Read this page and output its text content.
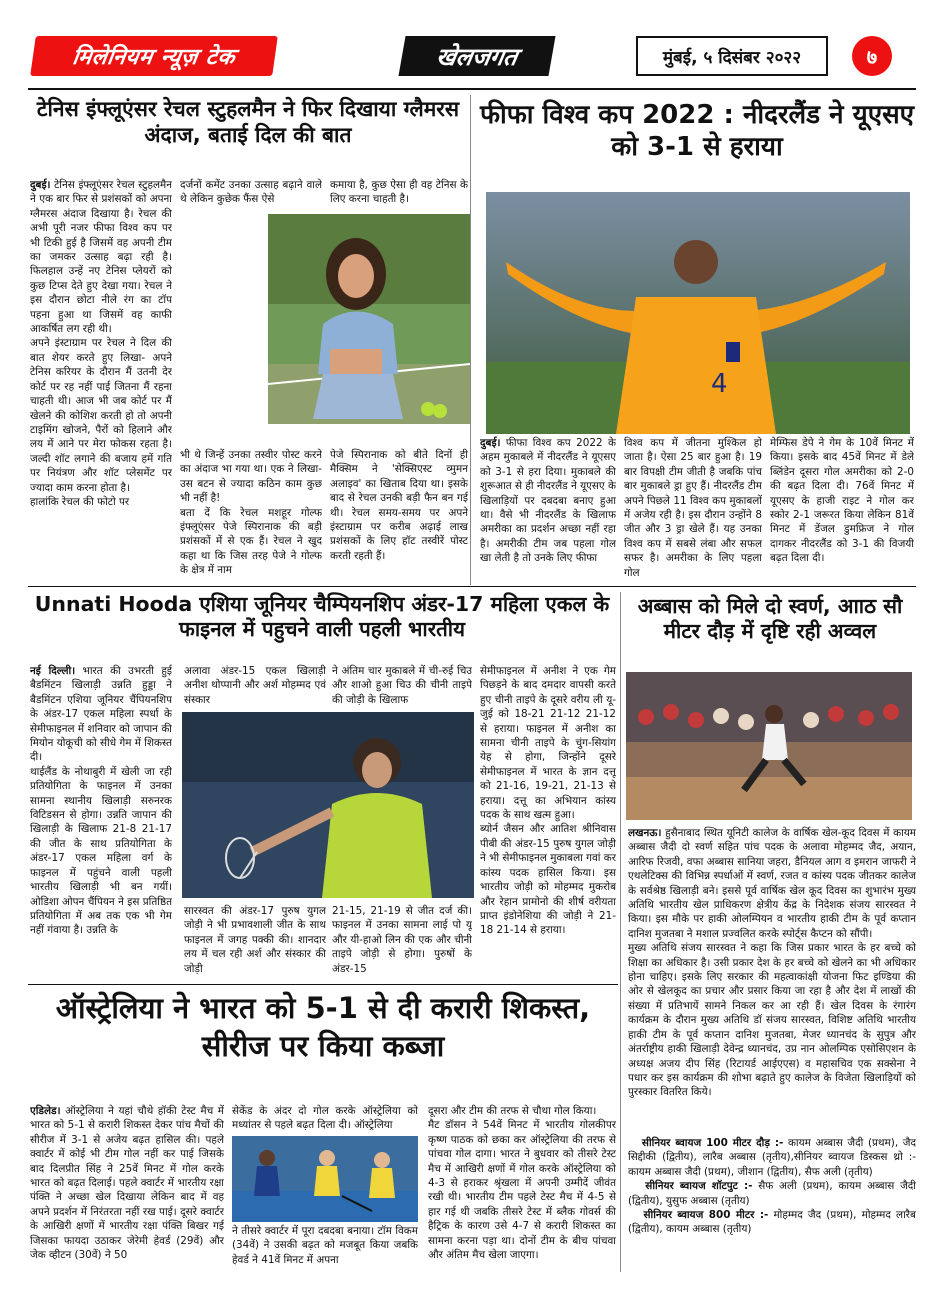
मिलेनियम न्यूज़ टेक	खेलजगत	मुंबई, ५ दिसंबर २०२२	७
टेनिस इंफ्लूएंसर रेचल स्टुहलमैन ने फिर दिखाया ग्लैमरस अंदाज, बताई दिल की बात
दुबई। टेनिस इंफ्लूएंसर रेचल स्टुहलमैन ने एक बार फिर से प्रशंसकों को अपना ग्लैमरस अंदाज दिखाया है। रेचल की अभी पूरी नजर फीफा विश्व कप पर भी टिकी हुई है जिसमें वह अपनी टीम का जमकर उत्साह बढ़ा रही है। फिलहाल उन्हें नए टेनिस प्लेयरों को कुछ टिप्स देते हुए देखा गया। रेचल ने इस दौरान छोटा नीले रंग का टॉप पहना हुआ था जिसमें वह काफी आकर्षित लग रही थी।
अपने इंस्टाग्राम पर रेचल ने दिल की बात शेयर करते हुए लिखा- अपने टेनिस करियर के दौरान मैं उतनी देर कोर्ट पर रह नहीं पाई जितना मैं रहना चाहती थी। आज भी जब कोर्ट पर मैं खेलने की कोशिश करती हो तो अपनी टाइमिंग खोजने, पैरों को हिलाने और लय में आने पर मेरा फोकस रहता है। जल्दी शॉट लगाने की बजाय हमें गति पर नियंत्रण और शॉट प्लेसमेंट पर ज्यादा काम करना होता है।
हालांकि रेचल की फोटो पर
दर्जनों कमेंट उनका उत्साह बढ़ाने वाले थे लेकिन कुछेक फैंस ऐसे
कमाया है, कुछ ऐसा ही वह टेनिस के लिए करना चाहती है।
भी थे जिन्हें उनका तस्वीर पोस्ट करने का अंदाज भा गया था। एक ने लिखा- उस बटन से ज्यादा कठिन काम कुछ भी नहीं है!
बता दें कि रेचल मशहूर गोल्फ इंफ्लूएंसर पेजे स्पिरानाक की बड़ी प्रशंसकों में से एक हैं। रेचल ने खुद कहा था कि जिस तरह पेजे ने गोल्फ के क्षेत्र में नाम
पेजे स्पिरानाक को बीते दिनों ही मैक्सिम ने 'सेक्सिएस्ट व्मुमन अलाइव' का खिताब दिया था। इसके बाद से रेचल उनकी बड़ी फैन बन गई थी। रेचल समय-समय पर अपने इंस्टाग्राम पर करीब अढ़ाई लाख प्रशंसकों के लिए हॉट तस्वीरें पोस्ट करती रहती हैं।
फीफा विश्व कप 2022 : नीदरलैंड ने यूएसए को 3-1 से हराया
4
दुबई। फीफा विश्व कप 2022 के अहम मुकाबले में नीदरलैंड ने यूएसए को 3-1 से हरा दिया। मुकाबले की शुरूआत से ही नीदरलैंड ने यूएसए के खिलाड़ियों पर दबदबा बनाए हुआ था। वैसे भी नीदरलैंड के खिलाफ अमरीका का प्रदर्शन अच्छा नहीं रहा है। अमरीकी टीम जब पहला गोल खा लेती है तो उनके लिए फीफा
विश्व कप में जीतना मुश्किल हो जाता है। ऐसा 25 बार हुआ है। 19 बार विपक्षी टीम जीती है जबकि पांच बार मुकाबले ड्रा हुए हैं। नीदरलैंड टीम अपने पिछले 11 विश्व कप मुकाबलों में अजेय रही है। इस दौरान उन्होंने 8 जीत और 3 ड्रा खेले हैं। यह उनका विश्व कप में सबसे लंबा और सफल सफर है। अमरीका के लिए पहला गोल
मेम्फिस डेपे ने गेम के 10वें मिनट में किया। इसके बाद 45वें मिनट में डेले ब्लिंडेन दूसरा गोल अमरीका को 2-0 की बढ़त दिला दी। 76वें मिनट में यूएसए के हाजी राइट ने गोल कर स्कोर 2-1 जरूरत किया लेकिन 81वें मिनट में डेंजल डुमफ्रिज ने गोल दागकर नीदरलैंड को 3-1 की विजयी बढ़त दिला दी।
Unnati Hooda एशिया जूनियर चैम्पियनशिप अंडर-17 महिला एकल के फाइनल में पहुचने वाली पहली भारतीय
नई दिल्ली। भारत की उभरती हुई बैडमिंटन खिलाड़ी उन्नति हुड्डा ने बैडमिंटन एशिया जूनियर चैंपियनशिप के अंडर-17 एकल महिला स्पर्धा के सेमीफाइनल में शनिवार को जापान की मियोन योकूची को सीधे गेम में शिकस्त दी।
थाईलैंड के नोथाबुरी में खेली जा रही प्रतियोगिता के फाइनल में उनका सामना स्थानीय खिलाड़ी सरुनरक विटिडसन से होगा। उन्नति जापान की खिलाड़ी के खिलाफ 21-8 21-17 की जीत के साथ प्रतियोगिता के अंडर-17 एकल महिला वर्ग के फाइनल में पहुंचने वाली पहली भारतीय खिलाड़ी भी बन गयीं। ओडिशा ओपन चैंपियन ने इस प्रतिष्ठित प्रतियोगिता में अब तक एक भी गेम नहीं गंवाया है। उन्नति के
अलावा अंडर-15 एकल खिलाड़ी अनीश थोप्पानी और अर्श मोहम्मद एवं संस्कार
ने अंतिम चार मुकाबले में ची-रुई चिउ और शाओ हुआ चिउ की चीनी ताइपे की जोड़ी के खिलाफ
सारस्वत की अंडर-17 पुरुष युगल जोड़ी ने भी प्रभावशाली जीत के साथ फाइनल में जगह पक्की की। शानदार लय में चल रही अर्श और संस्कार की जोड़ी
21-15, 21-19 से जीत दर्ज की। फाइनल में उनका सामना लाई पो यू और यी-हाओ लिन की एक और चीनी ताइपे जोड़ी से होगा। पुरुषों के अंडर-15
सेमीफाइनल में अनीश ने एक गेम पिछड़ने के बाद दमदार वापसी करते हुए चीनी ताइपे के दूसरे वरीय ली यू-जुई को 18-21 21-12 21-12 से हराया। फाइनल में अनीश का सामना चीनी ताइपे के चुंग-सियांग येह से होगा, जिन्होंने दूसरे सेमीफाइनल में भारत के ज्ञान दत्तू को 21-16, 19-21, 21-13 से हराया। दत्तू का अभियान कांस्य पदक के साथ खत्म हुआ।
ब्योर्न जैसन और आतिश श्रीनिवास पीबी की अंडर-15 पुरुष युगल जोड़ी ने भी सेमीफाइनल मुकाबला गवां कर कांस्य पदक हासिल किया। इस भारतीय जोड़ी को मोहम्मद मुकरोब और रेहान प्रामोनो की शीर्ष वरीयता प्राप्त इंडोनेशिया की जोड़ी ने 21-18 21-14 से हराया।
अब्बास को मिले दो स्वर्ण, आाठ सौ मीटर दौड़ में दृष्टि रही अव्वल
लखनऊ। हुसैनाबाद स्थित यूनिटी कालेज के वार्षिक खेल-कूद दिवस में कायम अब्बास जैदी दो स्वर्ण सहित पांच पदक के अलावा मोहम्मद जैद, अयान, आरिफ रिजवी, वफा अब्बास सानिया जहरा, डैनियल आग व इमरान जाफरी ने एथलेटिक्स की विभिन्न स्पर्धाओं में स्वर्ण, रजत व कांस्य पदक जीतकर कालेज के सर्वश्रेष्ठ खिलाड़ी बने। इससे पूर्व वार्षिक खेल कूद दिवस का शुभारंभ मुख्य अतिथि भारतीय खेल प्राधिकरण क्षेत्रीय केंद्र के निदेशक संजय सारस्वत ने किया। इस मौके पर हाकी ओलम्पियन व भारतीय हाकी टीम के पूर्व कप्तान दानिश मुजतबा ने मशाल प्रज्वलित करके स्पोर्ट्स कैप्टन को सौंपी।
मुख्य अतिथि संजय सारस्वत ने कहा कि जिस प्रकार भारत के हर बच्चे को शिक्षा का अधिकार है। उसी प्रकार देश के हर बच्चे को खेलने का भी अधिकार होना चाहिए। इसके लिए सरकार की महत्वाकांक्षी योजना फिट इण्डिया की ओर से खेलकूद का प्रचार और प्रसार किया जा रहा है और देश में लाखों की संख्या में प्रतिभायें सामने निकल कर आ रही हैं। खेल दिवस के रंगारंग कार्यक्रम के दौरान मुख्य अतिथि डॉ संजय सारस्वत, विशिष्ट अतिथि भारतीय हाकी टीम के पूर्व कप्तान दानिश मुजतबा, मेजर ध्यानचंद के सुपुत्र और अंतर्राष्ट्रीय हाकी खिलाड़ी देवेन्द्र ध्यानचंद, उप्र नान ओलम्पिक एसोसिएशन के अध्यक्ष अजय दीप सिंह (रिटायर्ड आईएएस) व महासचिव एक सक्सेना ने पधार कर इस कार्यक्रम की शोभा बढ़ाते हुए कालेज के विजेता खिलाड़ियों को पुरस्कार वितरित किये।
सीनियर ब्वायज 100 मीटर दौड़ :- कायम अब्बास जैदी (प्रथम), जैद सिद्दीकी (द्वितीय), लारैब अब्बास (तृतीय),सीनियर ब्वायज डिस्कस थ्रो :- कायम अब्बास जैदी (प्रथम), जीशान (द्वितीय), सैफ अली (तृतीय)
सीनियर ब्वायज शॉटपुट :- सैफ अली (प्रथम), कायम अब्बास जैदी (द्वितीय), युसुफ अब्बास (तृतीय)
सीनियर ब्वायज 800 मीटर :- मोहम्मद जैद (प्रथम), मोहम्मद लारैब (द्वितीय), कायम अब्बास (तृतीय)
ऑस्ट्रेलिया ने भारत को 5-1 से दी करारी शिकस्त, सीरीज पर किया कब्जा
एडिलेड। ऑस्ट्रेलिया ने यहां चौथे हॉकी टेस्ट मैच में भारत को 5-1 से करारी शिकस्त देकर पांच मैचों की सीरीज में 3-1 से अजेय बढ़त हासिल की। पहले क्वार्टर में कोई भी टीम गोल नहीं कर पाई जिसके बाद दिलप्रीत सिंह ने 25वें मिनट में गोल करके भारत को बढ़त दिलाई। पहले क्वार्टर में भारतीय रक्षा पंक्ति ने अच्छा खेल दिखाया लेकिन बाद में वह अपने प्रदर्शन में निरंतरता नहीं रख पाई। दूसरे क्वार्टर के आखिरी क्षणों में भारतीय रक्षा पंक्ति बिखर गई जिसका फायदा उठाकर जेरेमी हेवर्ड (29वें) और जेक व्हीटन (30वें) ने 50
सेकेंड के अंदर दो गोल करके ऑस्ट्रेलिया को मध्यांतर से पहले बढ़त दिला दी। ऑस्ट्रेलिया
ने तीसरे क्वार्टर में पूरा दबदबा बनाया। टॉम विकम (34वें) ने उसकी बढ़त को मजबूत किया जबकि हेवर्ड ने 41वें मिनट में अपना
दूसरा और टीम की तरफ से चौथा गोल किया।
मैट डॉसन ने 54वें मिनट में भारतीय गोलकीपर कृष्ण पाठक को छका कर ऑस्ट्रेलिया की तरफ से पांचवा गोल दागा। भारत ने बुधवार को तीसरे टेस्ट मैच में आखिरी क्षणों में गोल करके ऑस्ट्रेलिया को 4-3 से हराकर श्रृंखला में अपनी उम्मीदें जीवंत रखी थी। भारतीय टीम पहले टेस्ट मैच में 4-5 से हार गई थी जबकि तीसरे टेस्ट में ब्लैक गोवर्स की हैट्रिक के कारण उसे 4-7 से करारी शिकस्त का सामना करना पड़ा था। दोनों टीम के बीच पांचवा और अंतिम मैच खेला जाएगा।
